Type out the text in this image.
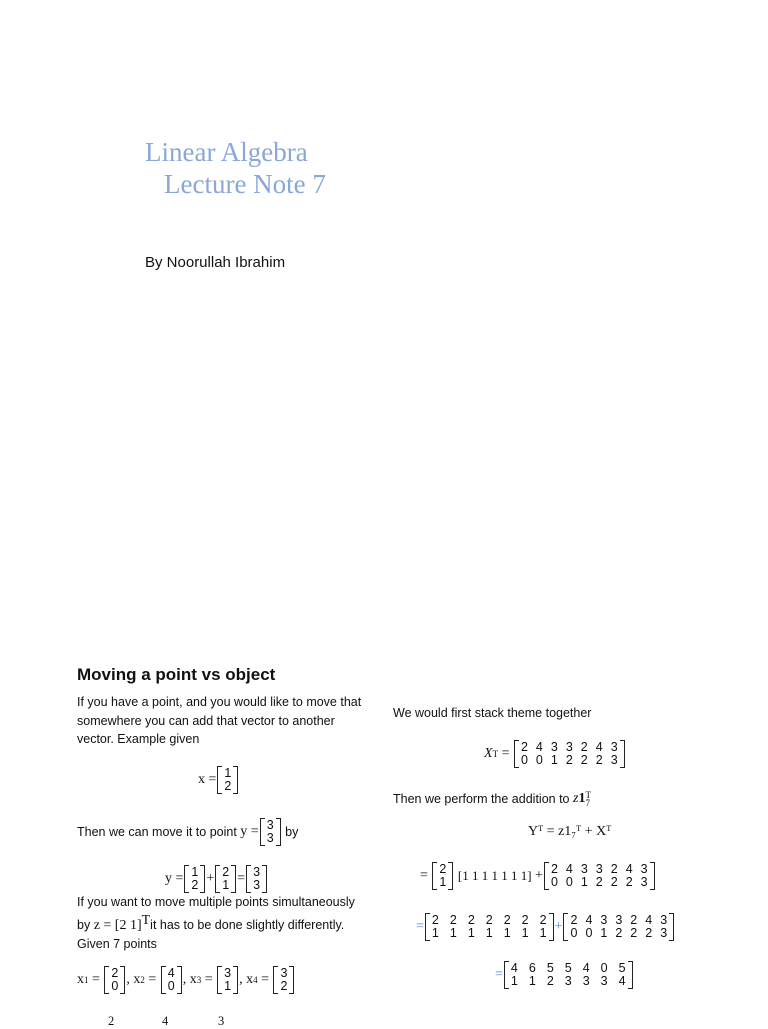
Linear Algebra
Lecture Note 7
By Noorullah Ibrahim
Moving a point vs object
If you have a point, and you would like to move that
somewhere you can add that vector to another
vector. Example given
x = 1
2
Then we can move it to point
y = 3
3
by
y = 1
2 + 2
1 = 3
3
If you want to move multiple points simultaneously
by z = [2 1]$^T$it has to be done slightly differently.
Given 7 points
x 1 = 2
0 , x 2 = 4
0 , x 3 = 3
1 , x 4 = 3
2
2	4	3
We would first stack theme together
X T = 2 4 3 3 2 4 3
0 0 1 2 2 2 3
Then we perform the addition to
z 1 T
7
Yᵀ = z1₇ᵀ + Xᵀ
=
2
1
[1 1 1 1 1 1 1]
+ 2 4 3 3 2 4 3
0 0 1 2 2 2 3
= 2 2 2 2 2 2 2
1 1 1 1 1 1 1 + 2 4 3 3 2 4 3
0 0 1 2 2 2 3
= 4 6 5 5 4 0 5
1 1 2 3 3 3 4
